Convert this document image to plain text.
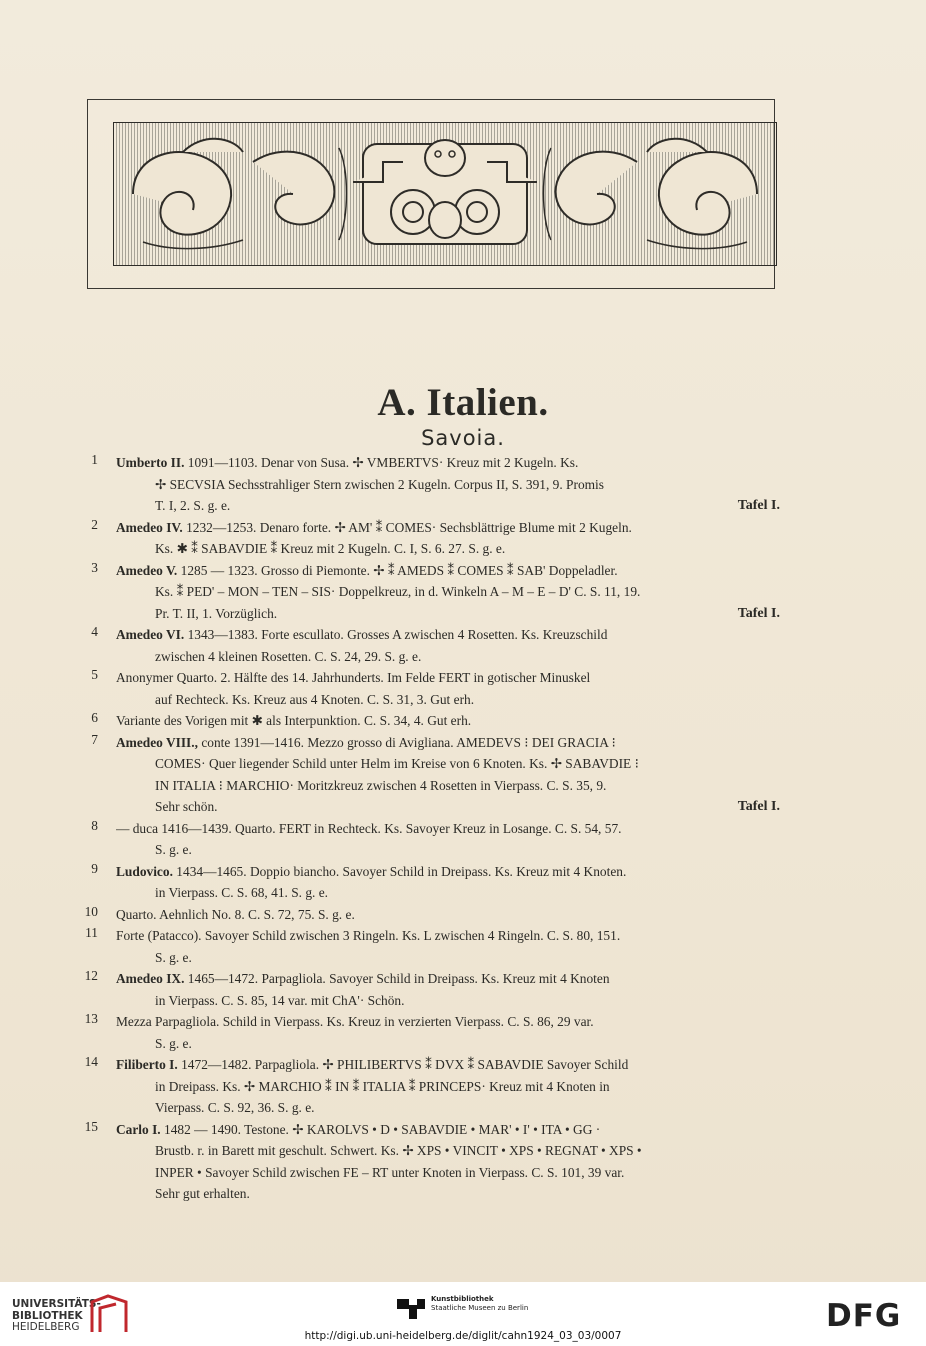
A. Italien.
Savoia.
1 Umberto II. 1091—1103. Denar von Susa. ✢ VMBERTVS· Kreuz mit 2 Kugeln. Ks.
✢ SECVSIA Sechsstrahliger Stern zwischen 2 Kugeln. Corpus II, S. 391, 9. Promis
Tafel I.
T. I, 2. S. g. e.
2 Amedeo IV. 1232—1253. Denaro forte. ✢ AM' ⁑ COMES· Sechsblättrige Blume mit 2 Kugeln.
Ks. ✱ ⁑ SABAVDIE ⁑ Kreuz mit 2 Kugeln. C. I, S. 6. 27. S. g. e.
3 Amedeo V. 1285 — 1323. Grosso di Piemonte. ✢ ⁑ AMEDS ⁑ COMES ⁑ SAB' Doppeladler.
Ks. ⁑ PED' – MON – TEN – SIS· Doppelkreuz, in d. Winkeln A – M – E – D' C. S. 11, 19.
Tafel I.
Pr. T. II, 1. Vorzüglich.
4 Amedeo VI. 1343—1383. Forte escullato. Grosses A zwischen 4 Rosetten. Ks. Kreuzschild
zwischen 4 kleinen Rosetten. C. S. 24, 29. S. g. e.
5 Anonymer Quarto. 2. Hälfte des 14. Jahrhunderts. Im Felde FERT in gotischer Minuskel
auf Rechteck. Ks. Kreuz aus 4 Knoten. C. S. 31, 3. Gut erh.
6 Variante des Vorigen mit ✱ als Interpunktion. C. S. 34, 4. Gut erh.
7 Amedeo VIII., conte 1391—1416. Mezzo grosso di Avigliana. AMEDEVS ⁝ DEI GRACIA ⁝
COMES· Quer liegender Schild unter Helm im Kreise von 6 Knoten. Ks. ✢ SABAVDIE ⁝
IN ITALIA ⁝ MARCHIO· Moritzkreuz zwischen 4 Rosetten in Vierpass. C. S. 35, 9.
Tafel I.
Sehr schön.
8 — duca 1416—1439. Quarto. FERT in Rechteck. Ks. Savoyer Kreuz in Losange. C. S. 54, 57.
S. g. e.
9 Ludovico. 1434—1465. Doppio biancho. Savoyer Schild in Dreipass. Ks. Kreuz mit 4 Knoten.
in Vierpass. C. S. 68, 41. S. g. e.
10 Quarto. Aehnlich No. 8. C. S. 72, 75. S. g. e.
11 Forte (Patacco). Savoyer Schild zwischen 3 Ringeln. Ks. L zwischen 4 Ringeln. C. S. 80, 151.
S. g. e.
12 Amedeo IX. 1465—1472. Parpagliola. Savoyer Schild in Dreipass. Ks. Kreuz mit 4 Knoten
in Vierpass. C. S. 85, 14 var. mit ChA'· Schön.
13 Mezza Parpagliola. Schild in Vierpass. Ks. Kreuz in verzierten Vierpass. C. S. 86, 29 var.
S. g. e.
14 Filiberto I. 1472—1482. Parpagliola. ✢ PHILIBERTVS ⁑ DVX ⁑ SABAVDIE Savoyer Schild
in Dreipass. Ks. ✢ MARCHIO ⁑ IN ⁑ ITALIA ⁑ PRINCEPS· Kreuz mit 4 Knoten in
Vierpass. C. S. 92, 36. S. g. e.
15 Carlo I. 1482 — 1490. Testone. ✢ KAROLVS • D • SABAVDIE • MAR' • I' • ITA • GG ·
Brustb. r. in Barett mit geschult. Schwert. Ks. ✢ XPS • VINCIT • XPS • REGNAT • XPS •
INPER • Savoyer Schild zwischen FE – RT unter Knoten in Vierpass. C. S. 101, 39 var.
Sehr gut erhalten.
UNIVERSITÄTS-
BIBLIOTHEK
HEIDELBERG
Kunstbibliothek
Staatliche Museen zu Berlin	DFG
http://digi.ub.uni-heidelberg.de/diglit/cahn1924_03_03/0007
